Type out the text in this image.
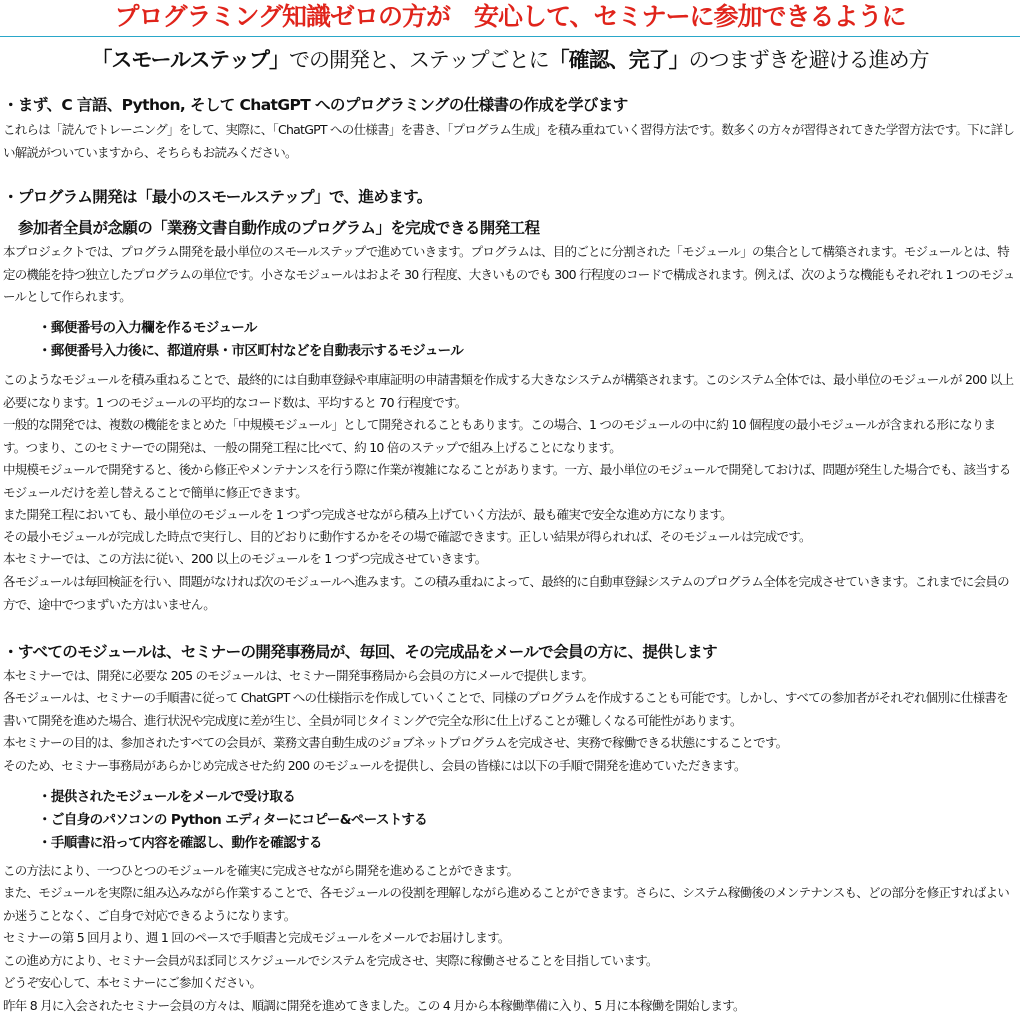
プログラミング知識ゼロの方が　安心して、セミナーに参加できるように
「スモールステップ」での開発と、ステップごとに「確認、完了」のつまずきを避ける進め方
・まず、C 言語、Python, そして ChatGPT へのプログラミングの仕様書の作成を学びます
これらは「読んでトレーニング」をして、実際に、「ChatGPT への仕様書」を書き、「プログラム生成」を積み重ねていく習得方法です。数多くの方々が習得されてきた学習方法です。下に詳しい解説がついていますから、そちらもお読みください。
・プログラム開発は「最小のスモールステップ」で、進めます。
参加者全員が念願の「業務文書自動作成のプログラム」を完成できる開発工程
本プロジェクトでは、プログラム開発を最小単位のスモールステップで進めていきます。プログラムは、目的ごとに分割された「モジュール」の集合として構築されます。モジュールとは、特定の機能を持つ独立したプログラムの単位です。小さなモジュールはおよそ 30 行程度、大きいものでも 300 行程度のコードで構成されます。例えば、次のような機能もそれぞれ 1 つのモジュールとして作られます。
・郵便番号の入力欄を作るモジュール
・郵便番号入力後に、都道府県・市区町村などを自動表示するモジュール
このようなモジュールを積み重ねることで、最終的には自動車登録や車庫証明の申請書類を作成する大きなシステムが構築されます。このシステム全体では、最小単位のモジュールが 200 以上必要になります。1 つのモジュールの平均的なコード数は、平均すると 70 行程度です。
一般的な開発では、複数の機能をまとめた「中規模モジュール」として開発されることもあります。この場合、1 つのモジュールの中に約 10 個程度の最小モジュールが含まれる形になります。つまり、このセミナーでの開発は、一般の開発工程に比べて、約 10 倍のステップで組み上げることになります。
中規模モジュールで開発すると、後から修正やメンテナンスを行う際に作業が複雑になることがあります。一方、最小単位のモジュールで開発しておけば、問題が発生した場合でも、該当するモジュールだけを差し替えることで簡単に修正できます。
また開発工程においても、最小単位のモジュールを 1 つずつ完成させながら積み上げていく方法が、最も確実で安全な進め方になります。
その最小モジュールが完成した時点で実行し、目的どおりに動作するかをその場で確認できます。正しい結果が得られれば、そのモジュールは完成です。
本セミナーでは、この方法に従い、200 以上のモジュールを 1 つずつ完成させていきます。
各モジュールは毎回検証を行い、問題がなければ次のモジュールへ進みます。この積み重ねによって、最終的に自動車登録システムのプログラム全体を完成させていきます。これまでに会員の方で、途中でつまずいた方はいません。
・すべてのモジュールは、セミナーの開発事務局が、毎回、その完成品をメールで会員の方に、提供します
本セミナーでは、開発に必要な 205 のモジュールは、セミナー開発事務局から会員の方にメールで提供します。
各モジュールは、セミナーの手順書に従って ChatGPT への仕様指示を作成していくことで、同様のプログラムを作成することも可能です。しかし、すべての参加者がそれぞれ個別に仕様書を書いて開発を進めた場合、進行状況や完成度に差が生じ、全員が同じタイミングで完全な形に仕上げることが難しくなる可能性があります。
本セミナーの目的は、参加されたすべての会員が、業務文書自動生成のジョブネットプログラムを完成させ、実務で稼働できる状態にすることです。
そのため、セミナー事務局があらかじめ完成させた約 200 のモジュールを提供し、会員の皆様には以下の手順で開発を進めていただきます。
・提供されたモジュールをメールで受け取る
・ご自身のパソコンの Python エディターにコピー&ペーストする
・手順書に沿って内容を確認し、動作を確認する
この方法により、一つひとつのモジュールを確実に完成させながら開発を進めることができます。
また、モジュールを実際に組み込みながら作業することで、各モジュールの役割を理解しながら進めることができます。さらに、システム稼働後のメンテナンスも、どの部分を修正すればよいか迷うことなく、ご自身で対応できるようになります。
セミナーの第 5 回月より、週 1 回のペースで手順書と完成モジュールをメールでお届けします。
この進め方により、セミナー会員がほぼ同じスケジュールでシステムを完成させ、実際に稼働させることを目指しています。
どうぞ安心して、本セミナーにご参加ください。
昨年 8 月に入会されたセミナー会員の方々は、順調に開発を進めてきました。この 4 月から本稼働準備に入り、5 月に本稼働を開始します。
